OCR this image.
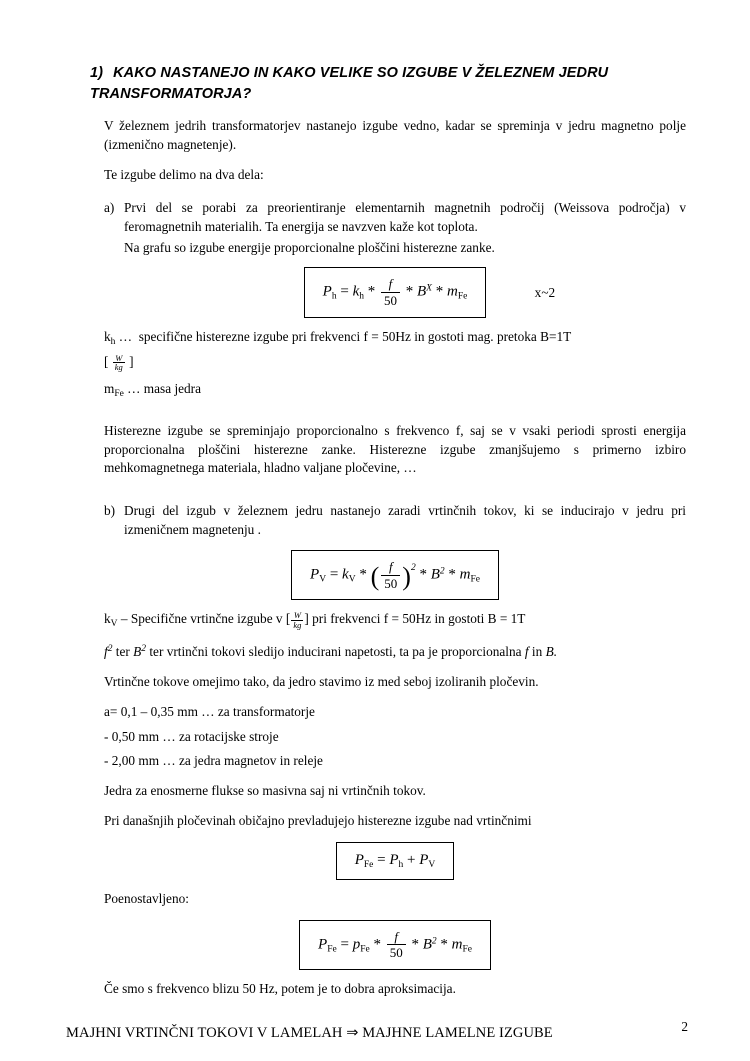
1) KAKO NASTANEJO IN KAKO VELIKE SO IZGUBE V ŽELEZNEM JEDRU TRANSFORMATORJA?

V železnem jedrih transformatorjev nastanejo izgube vedno, kadar se spreminja v jedru magnetno polje (izmenično magnetenje).

Te izgube delimo na dva dela:

a) Prvi del se porabi za preorientiranje elementarnih magnetnih področij (Weissova področja) v feromagnetnih materialih. Ta energija se navzven kaže kot toplota.
Na grafu so izgube energije proporcionalne ploščini histerezne zanke.
$P_h = k_h * \frac{f}{50} * B^X * m_{Fe}$	x~2

$k_h$ … specifične histerezne izgube pri frekvenci f = 50Hz in gostoti mag. pretoka B=1T

[ $\frac{W}{kg}$ ]

$m_{Fe}$ … masa jedra

Histerezne izgube se spreminjajo proporcionalno s frekvenco f, saj se v vsaki periodi sprosti energija proporcionalna ploščini histerezne zanke. Histerezne izgube zmanjšujemo s primerno izbiro mehkomagnetnega materiala, hladno valjane pločevine, …

b) Drugi del izgub v železnem jedru nastanejo zaradi vrtinčnih tokov, ki se inducirajo v jedru pri izmeničnem magnetenju .
$P_V = k_V$ * ( $\frac{f}{50} )^2 * B^2 * m_{Fe}$

$k_V$ – Specifične vrtinčne izgube v [ $\frac{W}{kg}$ ] pri frekvenci f = 50Hz in gostoti B = 1T

$f^2$ ter $B^2$ ter vrtinčni tokovi sledijo inducirani napetosti, ta pa je proporcionalna f in B.

Vrtinčne tokove omejimo tako, da jedro stavimo iz med seboj izoliranih pločevin.

a= 0,1 – 0,35 mm … za transformatorje

- 0,50 mm … za rotacijske stroje

- 2,00 mm … za jedra magnetov in releje

Jedra za enosmerne flukse so masivna saj ni vrtinčnih tokov.

Pri današnjih pločevinah običajno prevladujejo histerezne izgube nad vrtinčnimi

$P_{Fe} = P_h + P_V$

Poenostavljeno:

$P_{Fe} = p_{Fe} * \frac{f}{50} * B^2 * m_{Fe}$

Če smo s frekvenco blizu 50 Hz, potem je to dobra aproksimacija.

MAJHNI VRTINČNI TOKOVI V LAMELAH ⇒ MAJHNE LAMELNE IZGUBE	2
